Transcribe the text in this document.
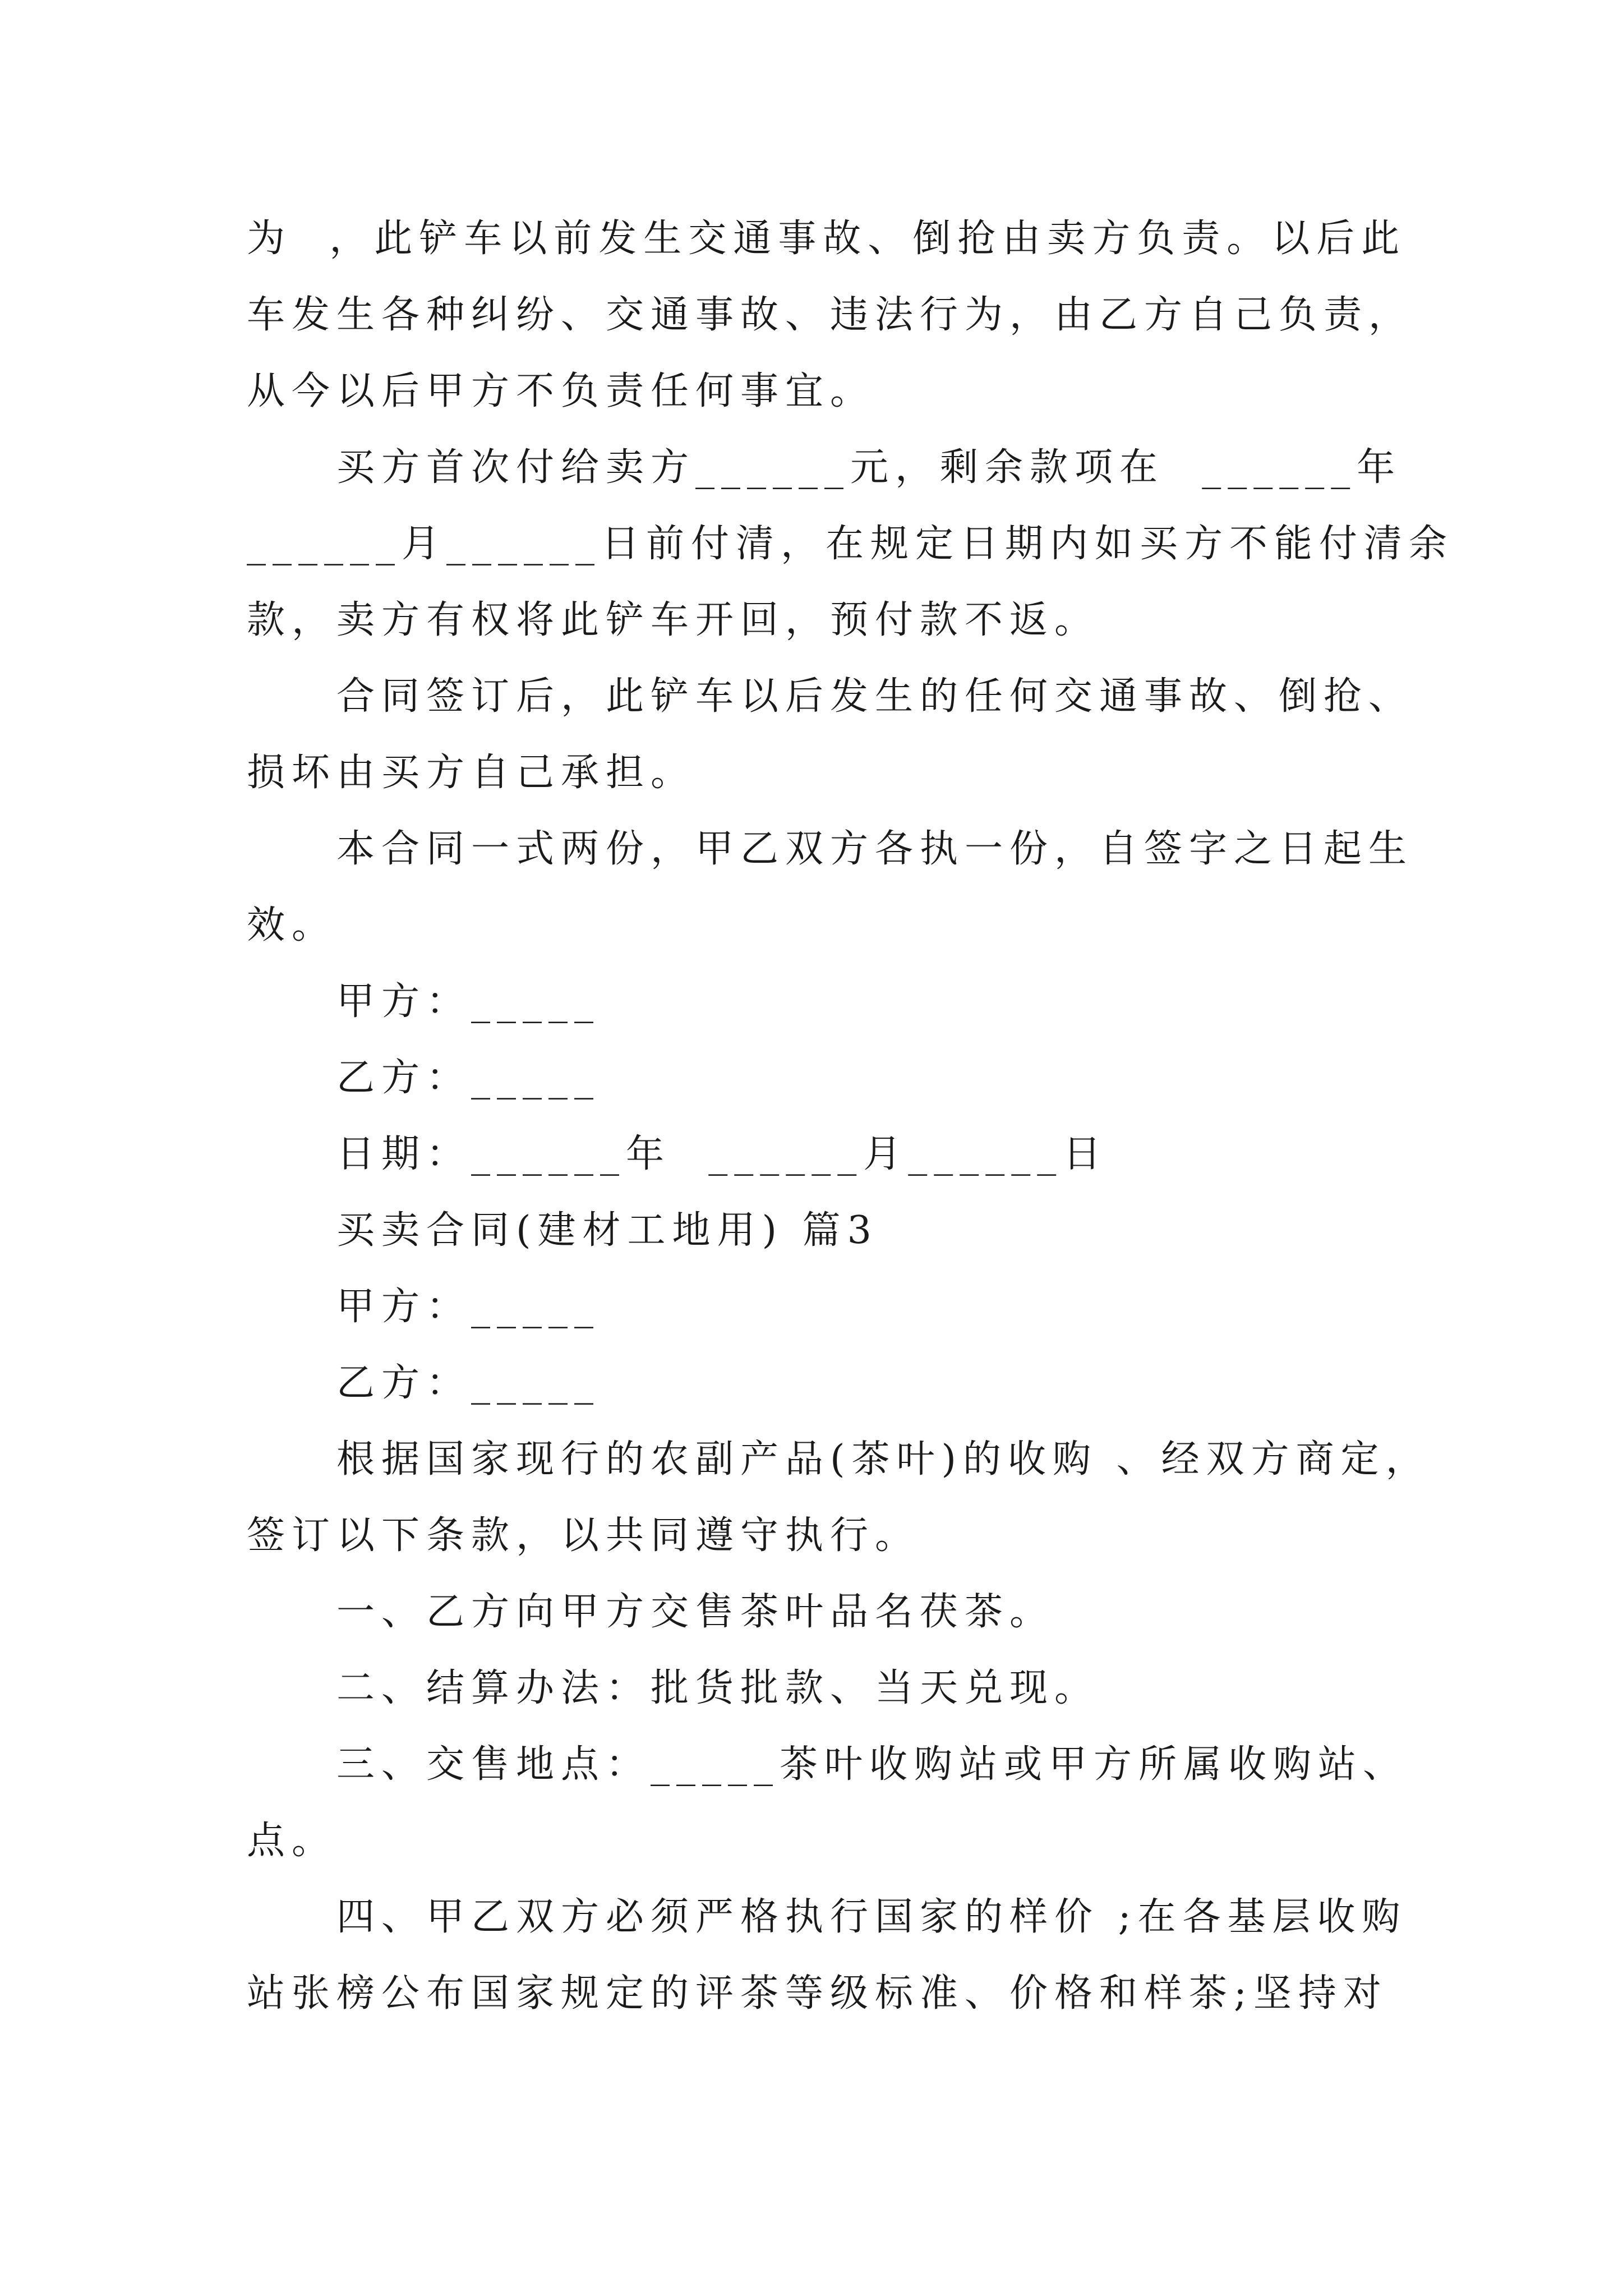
为  ，此铲车以前发生交通事故、倒抢由卖方负责。以后此
车发生各种纠纷、交通事故、违法行为，由乙方自己负责，
从今以后甲方不负责任何事宜。
买方首次付给卖方______元，剩余款项在  ______年
______月______日前付清，在规定日期内如买方不能付清余
款，卖方有权将此铲车开回，预付款不返。
合同签订后，此铲车以后发生的任何交通事故、倒抢、
损坏由买方自己承担。
本合同一式两份，甲乙双方各执一份，自签字之日起生
效。
甲方：_____
乙方：_____
日期：______年  ______月______日
买卖合同(建材工地用) 篇3
甲方：_____
乙方：_____
根据国家现行的农副产品(茶叶)的收购 、经双方商定，
签订以下条款，以共同遵守执行。
一、乙方向甲方交售茶叶品名茯茶。
二、结算办法：批货批款、当天兑现。
三、交售地点：_____茶叶收购站或甲方所属收购站、
点。
四、甲乙双方必须严格执行国家的样价 ;在各基层收购
站张榜公布国家规定的评茶等级标准、价格和样茶;坚持对
